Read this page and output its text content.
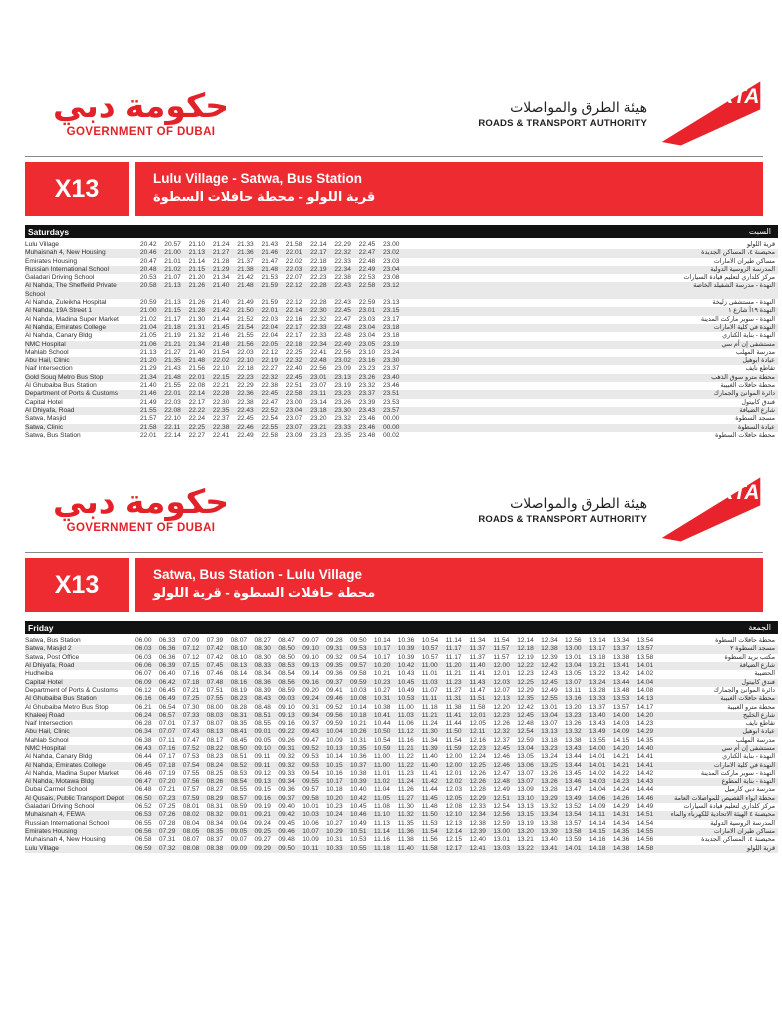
حكومة دبي
GOVERNMENT OF DUBAI
هيئة الطرق والمواصلات
ROADS & TRANSPORT AUTHORITY
RTA
X13	Lulu Village - Satwa, Bus Station
قرية اللولو - محطة حافلات السطوة
Saturdays	السبت
Lulu Village	20.42 20.57 21.10 21.24 21.33 21.43 21.58 22.14 22.29 22.45 23.00	قرية اللولو
Muhaisnah 4, New Housing	20.46 21.00 21.13 21.27 21.36 21.46 22.01 22.17 22.32 22.47 23.02	محيصنة ٤، المساكن الجديدة
Emirates Housing	20.47 21.01 21.14 21.28 21.37 21.47 22.02 22.18 22.33 22.48 23.03	مساكن طيران الامارات
Russian International School	20.48 21.02 21.15 21.29 21.38 21.48 22.03 22.19 22.34 22.49 23.04	المدرسة الروسية الدولية
Galadari Driving School	20.53 21.07 21.20 21.34 21.42 21.53 22.07 22.23 22.38 22.53 23.08	مركز كلداري لتعليم قيادة السيارات
Al Nahda, The Sheffeild Private School
20.58 21.13 21.26 21.40 21.48 21.59 22.12 22.28 22.43 22.58 23.12	النهدة - مدرسة الشفيلد الخاصة
Al Nahda, Zuleikha Hospital	20.59 21.13 21.26 21.40 21.49 21.59 22.12 22.28 22.43 22.59 23.13	النهدة - مستشفى زليخة
Al Nahda, 19A Street 1	21.00 21.15 21.28 21.42 21.50 22.01 22.14 22.30 22.45 23.01 23.15	النهدة ١٩أ شارع ١
Al Nahda, Madina Super Market	21.02 21.17 21.30 21.44 21.52 22.03 22.16 22.32 22.47 23.03 23.17	النهدة - سوبر ماركت المدينة
Al Nahda, Emirates College	21.04 21.18 21.31 21.45 21.54 22.04 22.17 22.33 22.48 23.04 23.18	النهدة في كلية الامارات
Al Nahda, Canary Bldg	21.05 21.19 21.32 21.46 21.55 22.04 22.17 22.33 22.48 23.04 23.18	النهدة - بناية الكناري
NMC Hospital	21.06 21.21 21.34 21.48 21.56 22.05 22.18 22.34 22.49 23.05 23.19	مستشفى إن أم سي
Mahlab School	21.13 21.27 21.40 21.54 22.03 22.12 22.25 22.41 22.56 23.10 23.24	مدرسة المهلب
Abu Hail, Clinic	21.20 21.35 21.48 22.02 22.10 22.19 22.32 22.48 23.02 23.16 23.30	عيادة ابوهيل
Naif Intersection	21.29 21.43 21.56 22.10 22.18 22.27 22.40 22.56 23.09 23.23 23.37	تقاطع نايف
Gold Souq Metro Bus Stop	21.34 21.48 22.01 22.15 22.23 22.32 22.45 23.01 23.13 23.26 23.40	محطة مترو سوق الذهب
Al Ghubaiba Bus Station	21.40 21.55 22.08 22.21 22.29 22.38 22.51 23.07 23.19 23.32 23.46	محطة حافلات الغبيبة
Department of Ports & Customs	21.46 22.01 22.14 22.28 22.36 22.45 22.58 23.11 23.23 23.37 23.51	دائرة الموانئ والجمارك
Capital Hotel	21.49 22.03 22.17 22.30 22.38 22.47 23.00 23.14 23.26 23.39 23.53	فندق كابيتول
Al Dhiyafa, Road	21.55 22.08 22.22 22.35 22.43 22.52 23.04 23.18 23.30 23.43 23.57	شارع الضيافة
Satwa, Masjid	21.57 22.10 22.24 22.37 22.45 22.54 23.07 23.20 23.32 23.46 00.00	مسجد السطوة
Satwa, Clinic	21.58 22.11 22.25 22.38 22.46 22.55 23.07 23.21 23.33 23.46 00.00	عيادة السطوة
Satwa, Bus Station	22.01 22.14 22.27 22.41 22.49 22.58 23.09 23.23 23.35 23.48 00.02	محطة حافلات السطوة
حكومة دبي
GOVERNMENT OF DUBAI
هيئة الطرق والمواصلات
ROADS & TRANSPORT AUTHORITY
RTA
X13	Satwa, Bus Station - Lulu Village
محطة حافلات السطوة - قرية اللولو
Friday	الجمعة
Satwa, Bus Station	06.00 06.33 07.09 07.39 08.07 08.27 08.47 09.07 09.28 09.50 10.14 10.36 10.54 11.14 11.34 11.54 12.14 12.34 12.56 13.14 13.34 13.54	محطة حافلات السطوة
Satwa, Masjid 2	06.03 06.36 07.12 07.42 08.10 08.30 08.50 09.10 09.31 09.53 10.17 10.39 10.57 11.17 11.37 11.57 12.18 12.38 13.00 13.17 13.37 13.57	مسجد السطوة ٢
Satwa, Post Office	06.03 06.36 07.12 07.42 08.10 08.30 08.50 09.10 09.32 09.54 10.17 10.39 10.57 11.17 11.37 11.57 12.19 12.39 13.01 13.18 13.38 13.58	مكتب بريد السطوة
Al Dhiyafa, Road	06.06 06.39 07.15 07.45 08.13 08.33 08.53 09.13 09.35 09.57 10.20 10.42 11.00 11.20 11.40 12.00 12.22 12.42 13.04 13.21 13.41 14.01	شارع الضيافة
Hudheiba	06.07 06.40 07.16 07.46 08.14 08.34 08.54 09.14 09.36 09.58 10.21 10.43 11.01 11.21 11.41 12.01 12.23 12.43 13.05 13.22 13.42 14.02	الحضيبة
Capital Hotel	06.09 06.42 07.18 07.48 08.16 08.36 08.56 09.16 09.37 09.59 10.23 10.45 11.03 11.23 11.43 12.03 12.25 12.45 13.07 13.24 13.44 14.04	فندق كابيتول
Department of Ports & Customs	06.12 06.45 07.21 07.51 08.19 08.39 08.59 09.20 09.41 10.03 10.27 10.49 11.07 11.27 11.47 12.07 12.29 12.49 13.11 13.28 13.48 14.08	دائرة الموانئ والجمارك
Al Ghubaiba Bus Station	06.16 06.49 07.25 07.55 08.23 08.43 09.03 09.24 09.46 10.08 10.31 10.53 11.11 11.31 11.51 12.13 12.35 12.55 13.16 13.33 13.53 14.13	محطة حافلات الغبيبة
Al Ghubaiba Metro Bus Stop	06.21 06.54 07.30 08.00 08.28 08.48 09.10 09.31 09.52 10.14 10.38 11.00 11.18 11.38 11.58 12.20 12.42 13.01 13.20 13.37 13.57 14.17	محطة مترو الغبيبة
Khaleej Road	06.24 06.57 07.33 08.03 08.31 08.51 09.13 09.34 09.56 10.18 10.41 11.03 11.21 11.41 12.01 12.23 12.45 13.04 13.23 13.40 14.00 14.20	شارع الخليج
Naif Intersection	06.28 07.01 07.37 08.07 08.35 08.55 09.16 09.37 09.59 10.21 10.44 11.06 11.24 11.44 12.05 12.26 12.48 13.07 13.26 13.43 14.03 14.23	تقاطع نايف
Abu Hail, Clinic	06.34 07.07 07.43 08.13 08.41 09.01 09.22 09.43 10.04 10.26 10.50 11.12 11.30 11.50 12.11 12.32 12.54 13.13 13.32 13.49 14.09 14.29	عيادة ابوهيل
Mahlab School	06.38 07.11 07.47 08.17 08.45 09.05 09.26 09.47 10.09 10.31 10.54 11.16 11.34 11.54 12.16 12.37 12.59 13.18 13.38 13.55 14.15 14.35	مدرسة المهلب
NMC Hospital	06.43 07.16 07.52 08.22 08.50 09.10 09.31 09.52 10.13 10.35 10.59 11.21 11.39 11.59 12.23 12.45 13.04 13.23 13.43 14.00 14.20 14.40	مستشفى إن أم سي
Al Nahda, Canary Bldg	06.44 07.17 07.53 08.23 08.51 09.11 09.32 09.53 10.14 10.36 11.00 11.22 11.40 12.00 12.24 12.46 13.05 13.24 13.44 14.01 14.21 14.41	النهدة - بناية الكناري
Al Nahda, Emirates College	06.45 07.18 07.54 08.24 08.52 09.11 09.32 09.53 10.15 10.37 11.00 11.22 11.40 12.00 12.25 12.46 13.06 13.25 13.44 14.01 14.21 14.41	النهدة في كلية الامارات
Al Nahda, Madina Super Market	06.46 07.19 07.55 08.25 08.53 09.12 09.33 09.54 10.16 10.38 11.01 11.23 11.41 12.01 12.26 12.47 13.07 13.26 13.45 14.02 14.22 14.42	النهدة - سوبر ماركت المدينة
Al Nahda, Motawa Bldg	06.47 07.20 07.56 08.26 08.54 09.13 09.34 09.55 10.17 10.39 11.02 11.24 11.42 12.02 12.26 12.48 13.07 13.26 13.46 14.03 14.23 14.43	النهدة - بناية المطوع
Dubai Carmel School	06.48 07.21 07.57 08.27 08.55 09.15 09.36 09.57 10.18 10.40 11.04 11.26 11.44 12.03 12.28 12.49 13.09 13.28 13.47 14.04 14.24 14.44	مدرسة دبي كارميل
Al Qusais, Public Transport Depot	06.50 07.23 07.59 08.29 08.57 09.16 09.37 09.58 10.20 10.42 11.05 11.27 11.45 12.05 12.29 12.51 13.10 13.29 13.49 14.06 14.26 14.46	محطة ايواء القصيص للمواصلات العامة
Galadari Driving School	06.52 07.25 08.01 08.31 08.59 09.19 09.40 10.01 10.23 10.45 11.08 11.30 11.48 12.08 12.33 12.54 13.13 13.32 13.52 14.09 14.29 14.49	مركز كلداري لتعليم قيادة السيارات
Muhaisnah 4, FEWA	06.53 07.26 08.02 08.32 09.01 09.21 09.42 10.03 10.24 10.46 11.10 11.32 11.50 12.10 12.34 12.56 13.15 13.34 13.54 14.11 14.31 14.51	محيصنة ٤ الهيئة الاتحادية للكهرباء والماء
Russian International School	06.55 07.28 08.04 08.34 09.04 09.24 09.45 10.06 10.27 10.49 11.13 11.35 11.53 12.13 12.38 12.59 13.19 13.38 13.57 14.14 14.34 14.54	المدرسة الروسية الدولية
Emirates Housing	06.56 07.29 08.05 08.35 09.05 09.25 09.46 10.07 10.29 10.51 11.14 11.36 11.54 12.14 12.39 13.00 13.20 13.39 13.58 14.15 14.35 14.55	مساكن طيران الامارات
Muhaisnah 4, New Housing	06.58 07.31 08.07 08.37 09.07 09.27 09.48 10.09 10.31 10.53 11.16 11.38 11.56 12.15 12.40 13.01 13.21 13.40 13.59 14.16 14.36 14.56	محيصنة ٤، المساكن الجديدة
Lulu Village	06.59 07.32 08.08 08.38 09.09 09.29 09.50 10.11 10.33 10.55 11.18 11.40 11.58 12.17 12.41 13.03 13.22 13.41 14.01 14.18 14.38 14.58	قرية اللولو
